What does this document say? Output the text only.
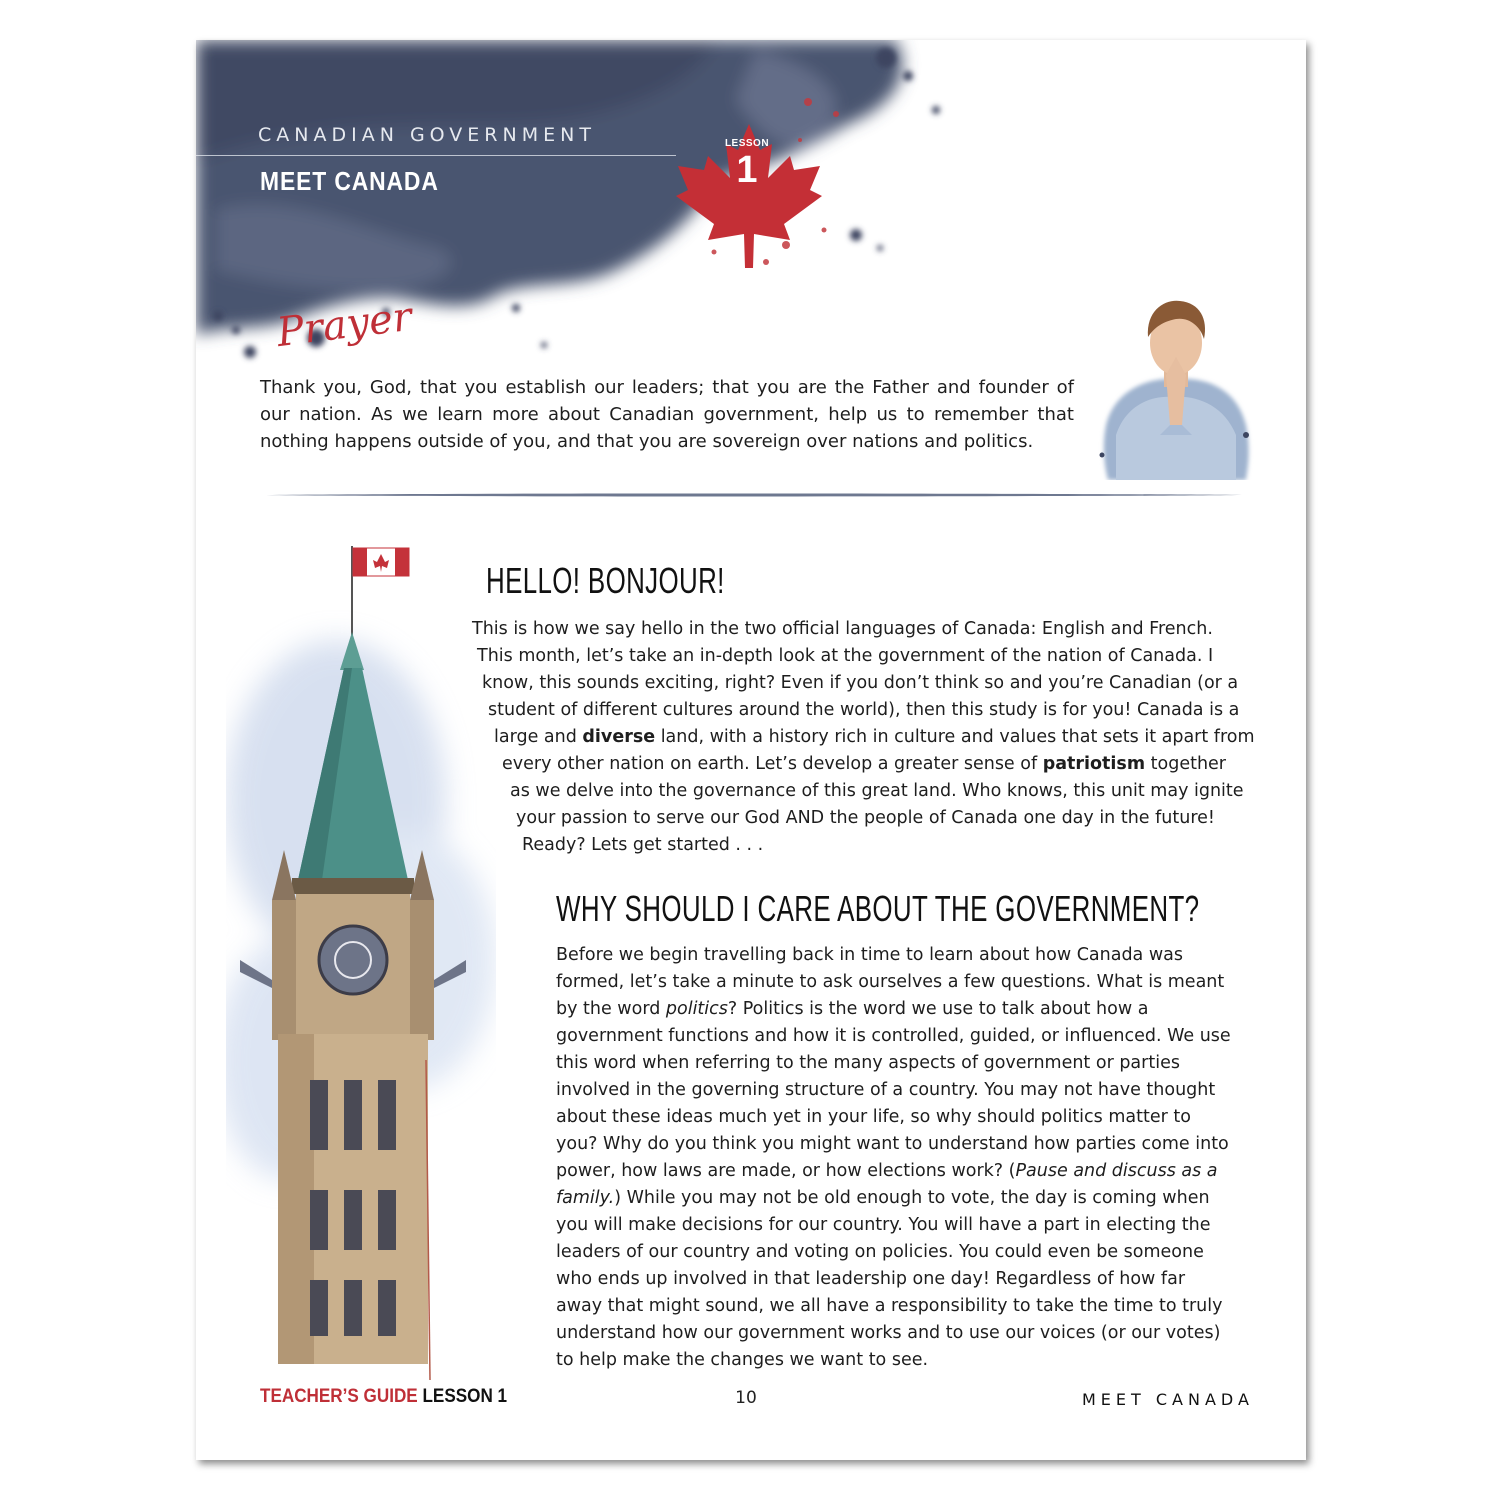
CANADIAN GOVERNMENT
MEET CANADA
LESSON
1
Prayer
Thank you, God, that you establish our leaders; that you are the Father and founder of our nation. As we learn more about Canadian government, help us to remember that nothing happens outside of you, and that you are sovereign over nations and politics.
HELLO! BONJOUR!
This is how we say hello in the two official languages of Canada: English and French.
This month, let’s take an in-depth look at the government of the nation of Canada. I
know, this sounds exciting, right? Even if you don’t think so and you’re Canadian (or a
student of different cultures around the world), then this study is for you! Canada is a
large and diverse land, with a history rich in culture and values that sets it apart from
every other nation on earth. Let’s develop a greater sense of patriotism together
as we delve into the governance of this great land. Who knows, this unit may ignite
your passion to serve our God AND the people of Canada one day in the future!
Ready? Lets get started . . .
WHY SHOULD I CARE ABOUT THE GOVERNMENT?

Before we begin travelling back in time to learn about how Canada was formed, let’s take a minute to ask ourselves a few questions. What is meant by the word politics? Politics is the word we use to talk about how a government functions and how it is controlled, guided, or influenced. We use this word when referring to the many aspects of government or parties involved in the governing structure of a country. You may not have thought about these ideas much yet in your life, so why should politics matter to you? Why do you think you might want to understand how parties come into power, how laws are made, or how elections work? (Pause and discuss as a family.) While you may not be old enough to vote, the day is coming when you will make decisions for our country. You will have a part in electing the leaders of our country and voting on policies. You could even be someone who ends up involved in that leadership one day! Regardless of how far away that might sound, we all have a responsibility to take the time to truly understand how our government works and to use our voices (or our votes) to help make the changes we want to see.

TEACHER’S GUIDE LESSON 1	10	MEET CANADA
